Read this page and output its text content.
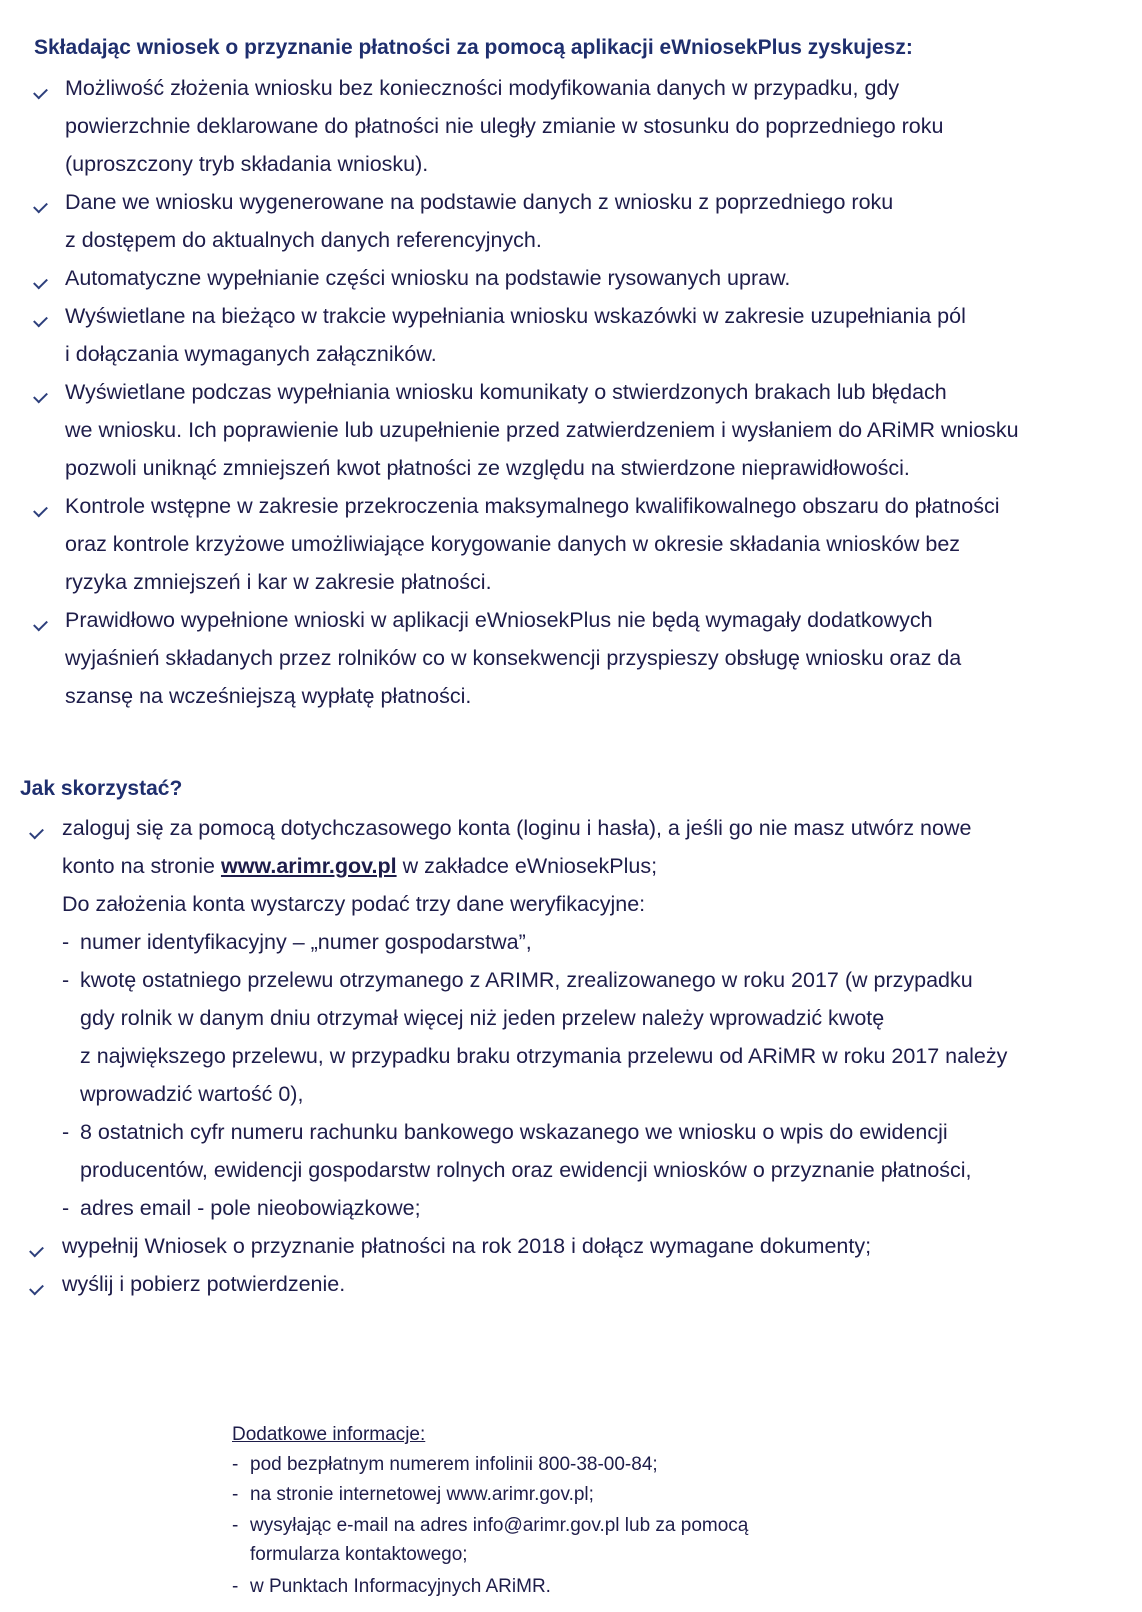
Składając wniosek o przyznanie płatności za pomocą aplikacji eWniosekPlus zyskujesz:

Możliwość złożenia wniosku bez konieczności modyfikowania danych w przypadku, gdy

powierzchnie deklarowane do płatności nie uległy zmianie w stosunku do poprzedniego roku

(uproszczony tryb składania wniosku).

Dane we wniosku wygenerowane na podstawie danych z wniosku z poprzedniego roku

z dostępem do aktualnych danych referencyjnych.

Automatyczne wypełnianie części wniosku na podstawie rysowanych upraw.

Wyświetlane na bieżąco w trakcie wypełniania wniosku wskazówki w zakresie uzupełniania pól

i dołączania wymaganych załączników.

Wyświetlane podczas wypełniania wniosku komunikaty o stwierdzonych brakach lub błędach

we wniosku. Ich poprawienie lub uzupełnienie przed zatwierdzeniem i wysłaniem do ARiMR wniosku

pozwoli uniknąć zmniejszeń kwot płatności ze względu na stwierdzone nieprawidłowości.

Kontrole wstępne w zakresie przekroczenia maksymalnego kwalifikowalnego obszaru do płatności

oraz kontrole krzyżowe umożliwiające korygowanie danych w okresie składania wniosków bez

ryzyka zmniejszeń i kar w zakresie płatności.

Prawidłowo wypełnione wnioski w aplikacji eWniosekPlus nie będą wymagały dodatkowych

wyjaśnień składanych przez rolników co w konsekwencji przyspieszy obsługę wniosku oraz da

szansę na wcześniejszą wypłatę płatności.

Jak skorzystać?

zaloguj się za pomocą dotychczasowego konta (loginu i hasła), a jeśli go nie masz utwórz nowe

konto na stronie www.arimr.gov.pl w zakładce eWniosekPlus;

Do założenia konta wystarczy podać trzy dane weryfikacyjne:

- numer identyfikacyjny – „numer gospodarstwa”,

- kwotę ostatniego przelewu otrzymanego z ARIMR, zrealizowanego w roku 2017 (w przypadku

gdy rolnik w danym dniu otrzymał więcej niż jeden przelew należy wprowadzić kwotę

z największego przelewu, w przypadku braku otrzymania przelewu od ARiMR w roku 2017 należy

wprowadzić wartość 0),

- 8 ostatnich cyfr numeru rachunku bankowego wskazanego we wniosku o wpis do ewidencji

producentów, ewidencji gospodarstw rolnych oraz ewidencji wniosków o przyznanie płatności,

- adres email - pole nieobowiązkowe;

wypełnij Wniosek o przyznanie płatności na rok 2018 i dołącz wymagane dokumenty;

wyślij i pobierz potwierdzenie.

Dodatkowe informacje:

- pod bezpłatnym numerem infolinii 800-38-00-84;

- na stronie internetowej www.arimr.gov.pl;

- wysyłając e-mail na adres info@arimr.gov.pl lub za pomocą

formularza kontaktowego;

- w Punktach Informacyjnych ARiMR.
